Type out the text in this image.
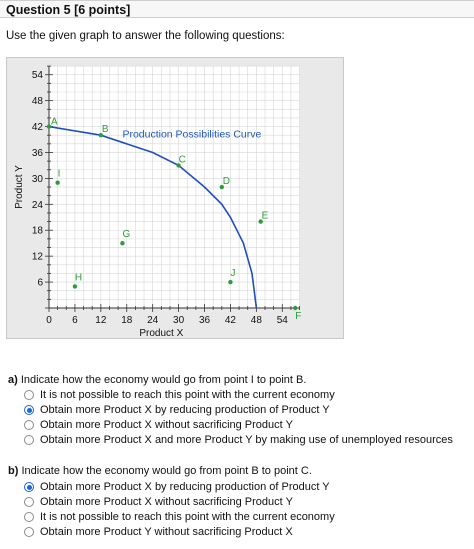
Question 5 [6 points]
Use the given graph to answer the following questions:
0 6 12 18 24 30 36 42 48 54
54
48
42
36
30
24
18
12
6
Product X
Product Y
Production Possibilities Curve
A
B
C
D
E
F
G
H
I
J
a) Indicate how the economy would go from point I to point B.
It is not possible to reach this point with the current economy
Obtain more Product X by reducing production of Product Y
Obtain more Product X without sacrificing Product Y
Obtain more Product X and more Product Y by making use of unemployed resources
b) Indicate how the economy would go from point B to point C.
Obtain more Product X by reducing production of Product Y
Obtain more Product X without sacrificing Product Y
It is not possible to reach this point with the current economy
Obtain more Product Y without sacrificing Product X
